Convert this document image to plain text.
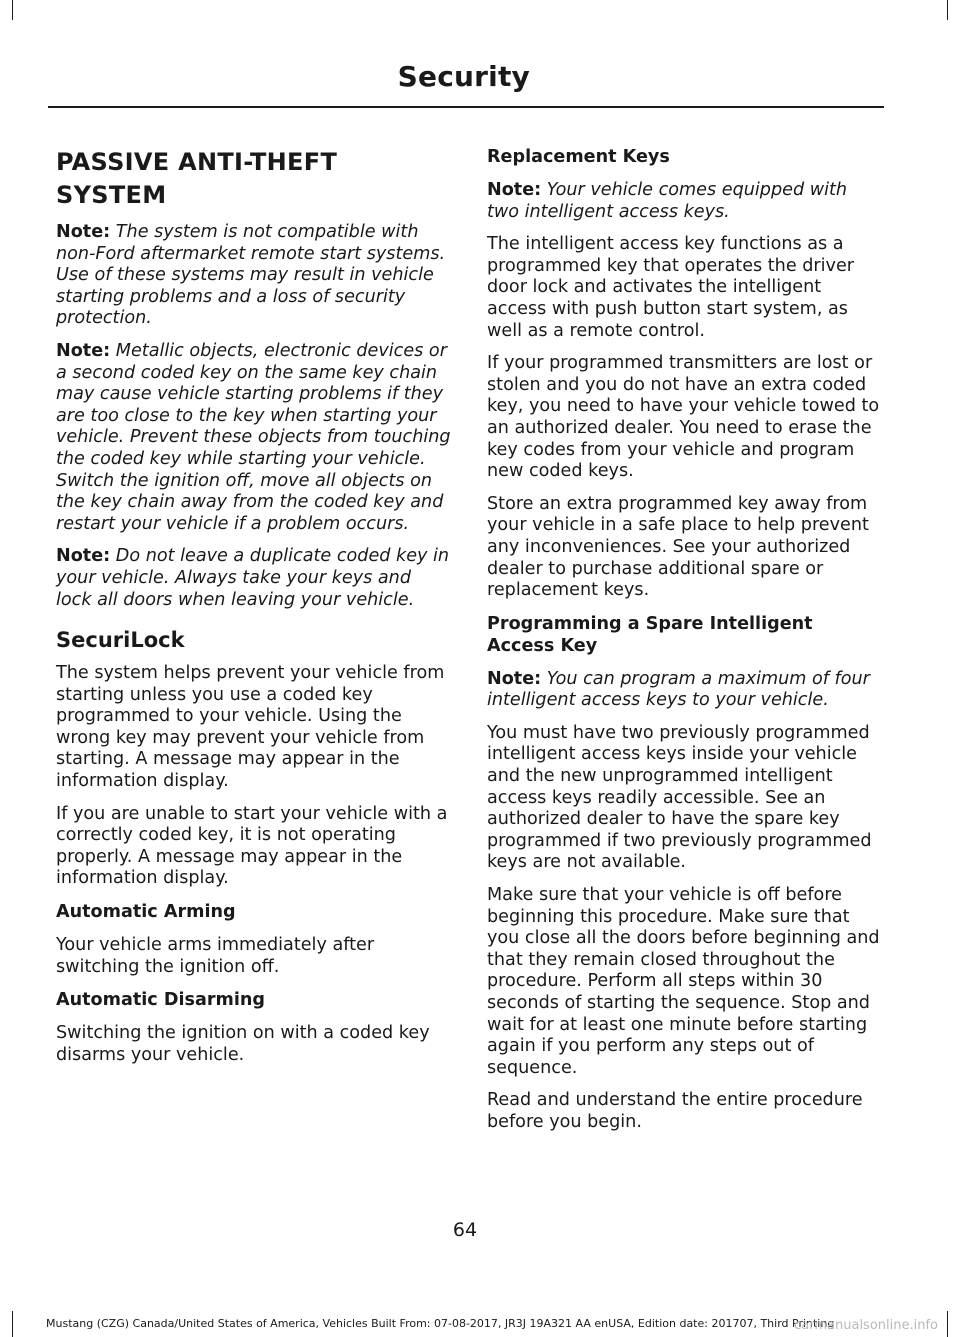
Security
PASSIVE ANTI-THEFT SYSTEM

Note: The system is not compatible with non-Ford aftermarket remote start systems. Use of these systems may result in vehicle starting problems and a loss of security protection.

Note: Metallic objects, electronic devices or a second coded key on the same key chain may cause vehicle starting problems if they are too close to the key when starting your vehicle. Prevent these objects from touching the coded key while starting your vehicle. Switch the ignition off, move all objects on the key chain away from the coded key and restart your vehicle if a problem occurs.

Note: Do not leave a duplicate coded key in your vehicle. Always take your keys and lock all doors when leaving your vehicle.

SecuriLock

The system helps prevent your vehicle from starting unless you use a coded key programmed to your vehicle. Using the wrong key may prevent your vehicle from starting. A message may appear in the information display.

If you are unable to start your vehicle with a correctly coded key, it is not operating properly. A message may appear in the information display.

Automatic Arming

Your vehicle arms immediately after switching the ignition off.

Automatic Disarming

Switching the ignition on with a coded key disarms your vehicle.

Replacement Keys

Note: Your vehicle comes equipped with two intelligent access keys.

The intelligent access key functions as a programmed key that operates the driver door lock and activates the intelligent access with push button start system, as well as a remote control.

If your programmed transmitters are lost or stolen and you do not have an extra coded key, you need to have your vehicle towed to an authorized dealer. You need to erase the key codes from your vehicle and program new coded keys.

Store an extra programmed key away from your vehicle in a safe place to help prevent any inconveniences. See your authorized dealer to purchase additional spare or replacement keys.

Programming a Spare Intelligent Access Key

Note: You can program a maximum of four intelligent access keys to your vehicle.

You must have two previously programmed intelligent access keys inside your vehicle and the new unprogrammed intelligent access keys readily accessible. See an authorized dealer to have the spare key programmed if two previously programmed keys are not available.

Make sure that your vehicle is off before beginning this procedure. Make sure that you close all the doors before beginning and that they remain closed throughout the procedure. Perform all steps within 30 seconds of starting the sequence. Stop and wait for at least one minute before starting again if you perform any steps out of sequence.

Read and understand the entire procedure before you begin.

64
Mustang (CZG) Canada/United States of America, Vehicles Built From: 07-08-2017, JR3J 19A321 AA enUSA, Edition date: 201707, Third Printing
carmanualsonline.info
